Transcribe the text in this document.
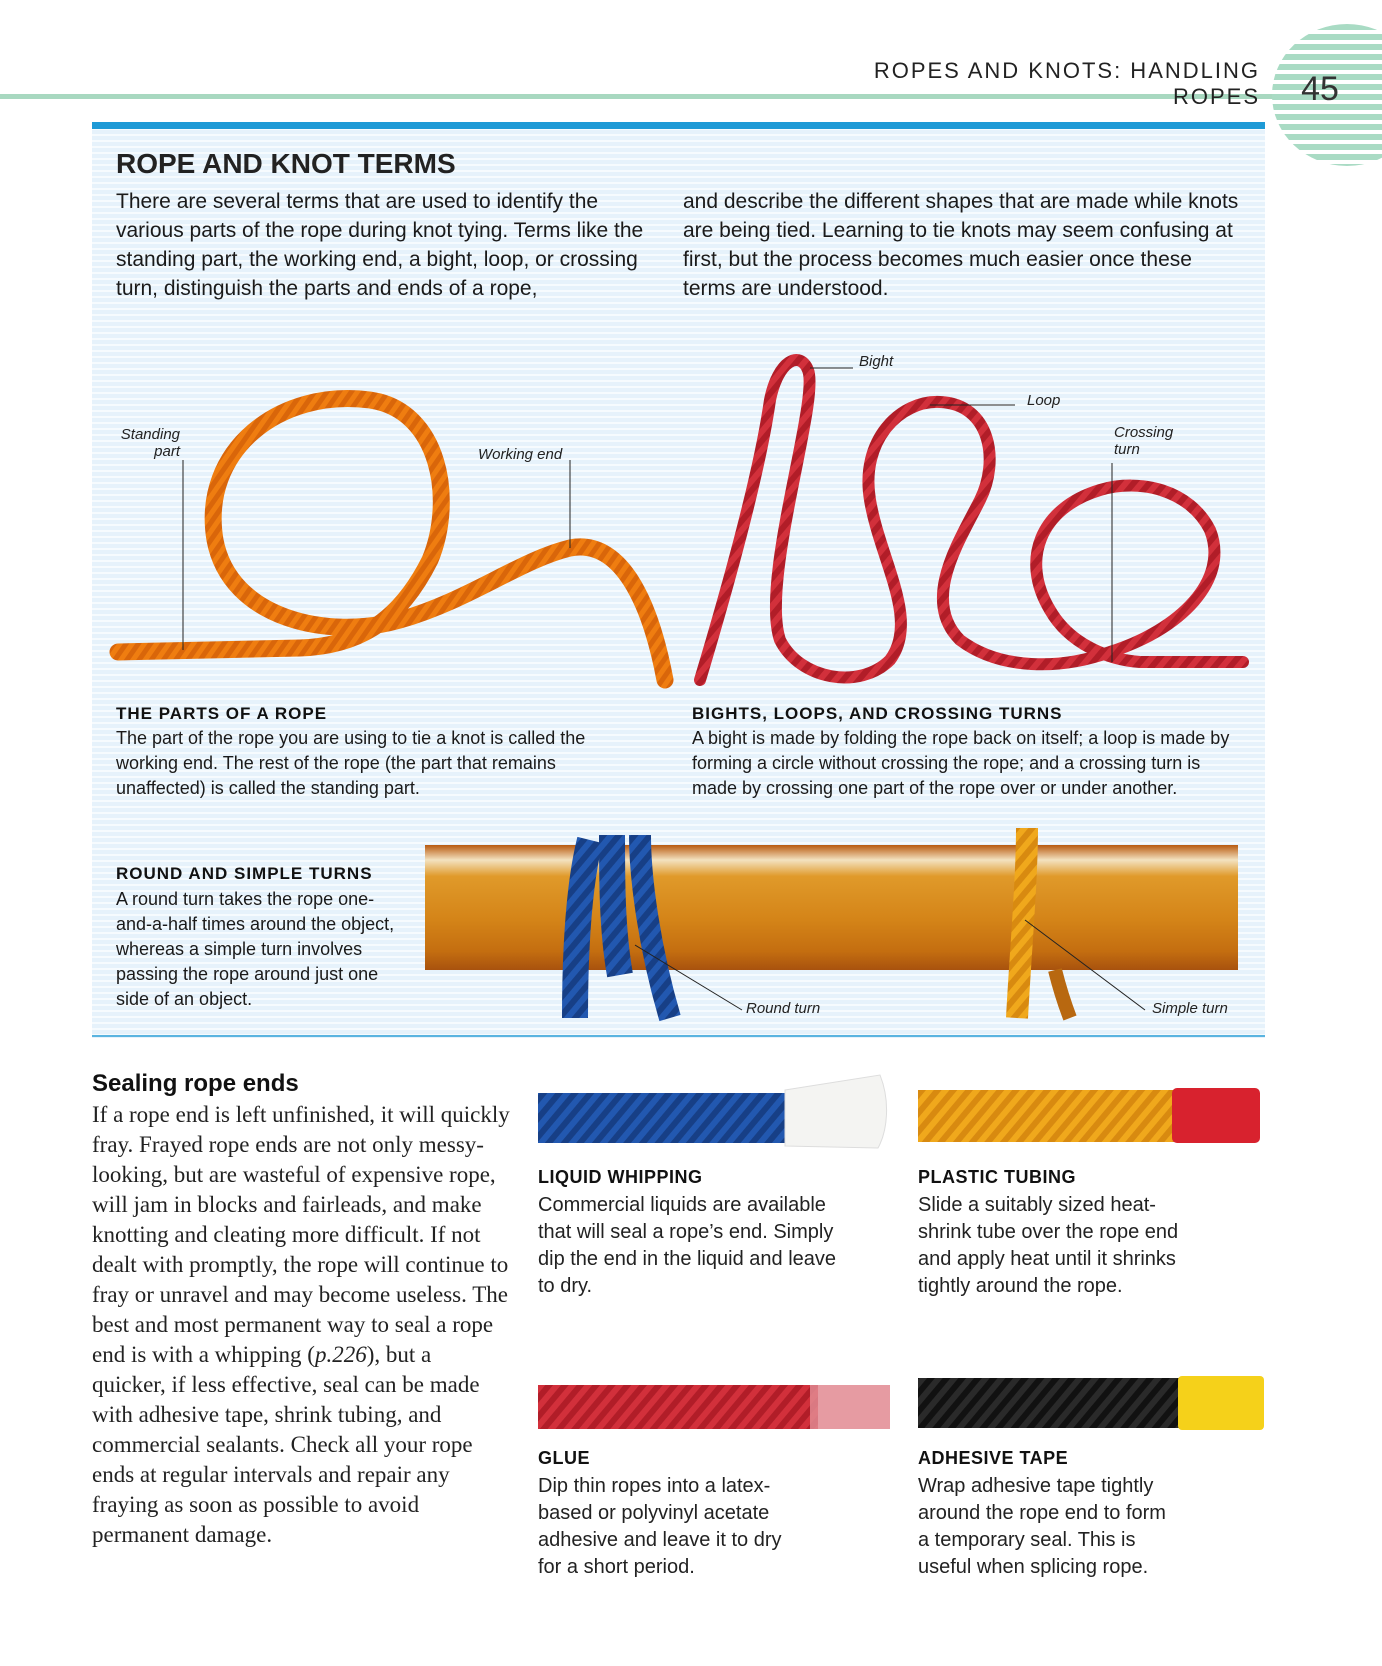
ROPES AND KNOTS: HANDLING ROPES	45
ROPE AND KNOT TERMS
There are several terms that are used to identify the various parts of the rope during knot tying. Terms like the standing part, the working end, a bight, loop, or crossing turn, distinguish the parts and ends of a rope,
and describe the different shapes that are made while knots are being tied. Learning to tie knots may seem confusing at first, but the process becomes much easier once these terms are understood.
Standing part	Working end
Bight
Loop
Crossing turn
Round turn	Simple turn
THE PARTS OF A ROPE
The part of the rope you are using to tie a knot is called the working end. The rest of the rope (the part that remains unaffected) is called the standing part.
BIGHTS, LOOPS, AND CROSSING TURNS
A bight is made by folding the rope back on itself; a loop is made by forming a circle without crossing the rope; and a crossing turn is made by crossing one part of the rope over or under another.
ROUND AND SIMPLE TURNS
A round turn takes the rope one-and-a-half times around the object, whereas a simple turn involves passing the rope around just one side of an object.
Sealing rope ends
If a rope end is left unfinished, it will quickly fray. Frayed rope ends are not only messy-looking, but are wasteful of expensive rope, will jam in blocks and fairleads, and make knotting and cleating more difficult. If not dealt with promptly, the rope will continue to fray or unravel and may become useless. The best and most permanent way to seal a rope end is with a whipping (p.226), but a quicker, if less effective, seal can be made with adhesive tape, shrink tubing, and commercial sealants. Check all your rope ends at regular intervals and repair any fraying as soon as possible to avoid permanent damage.
LIQUID WHIPPING
Commercial liquids are available that will seal a rope’s end. Simply dip the end in the liquid and leave to dry.
PLASTIC TUBING
Slide a suitably sized heat-shrink tube over the rope end and apply heat until it shrinks tightly around the rope.
GLUE
Dip thin ropes into a latex-based or polyvinyl acetate adhesive and leave it to dry for a short period.
ADHESIVE TAPE
Wrap adhesive tape tightly around the rope end to form a temporary seal. This is useful when splicing rope.
